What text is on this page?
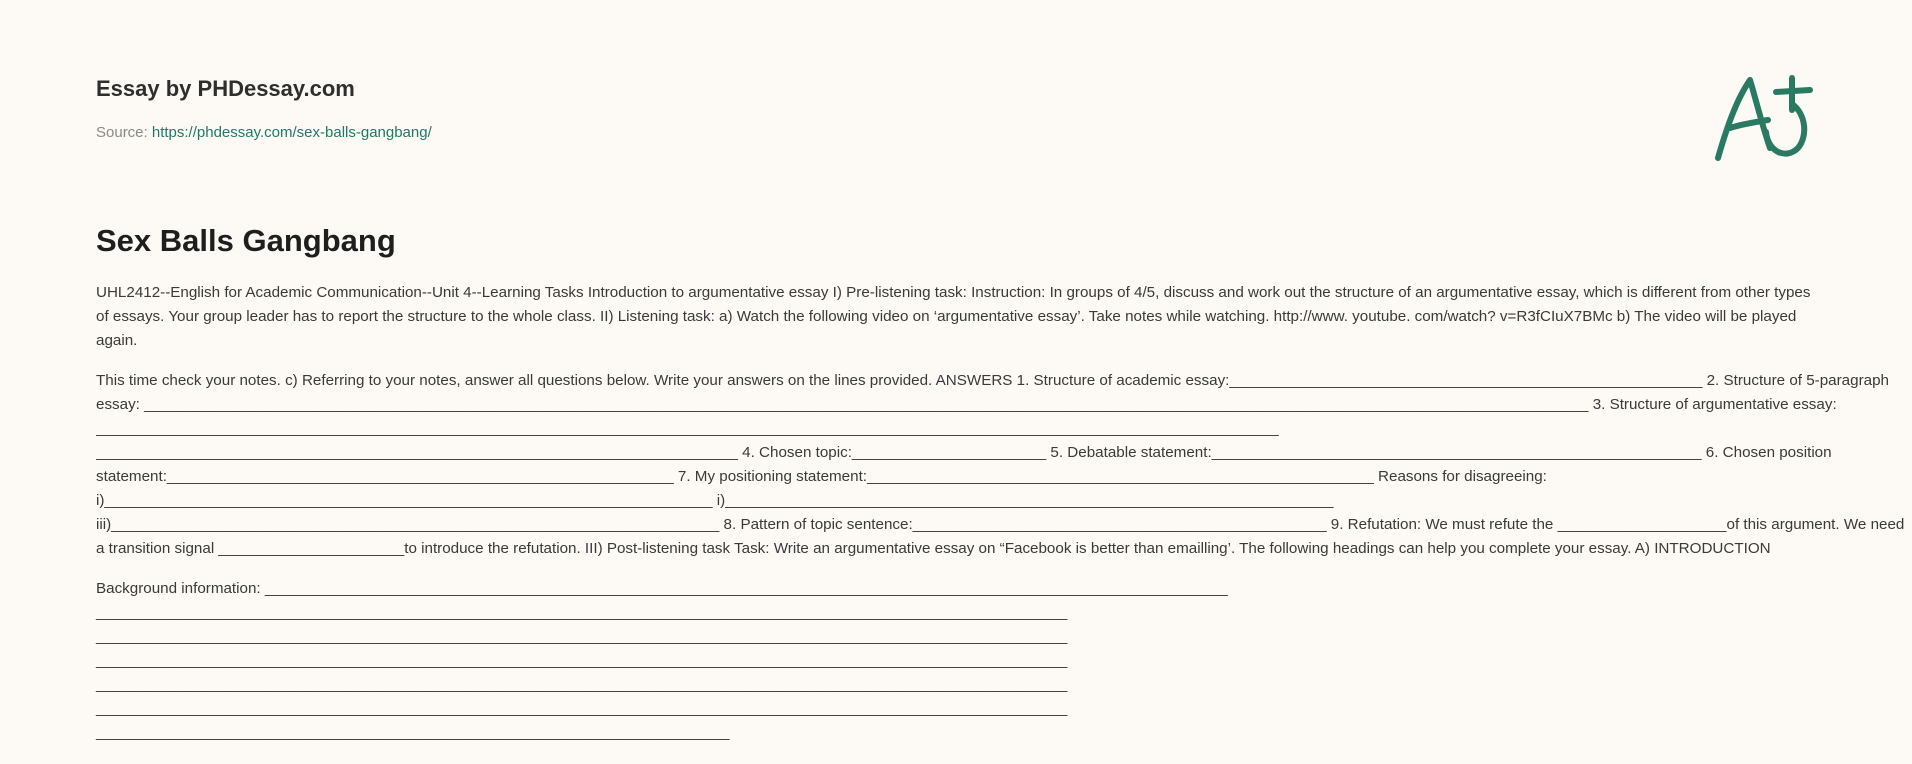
Essay by PHDessay.com
Source: https://phdessay.com/sex-balls-gangbang/
Sex Balls Gangbang

UHL2412--English for Academic Communication--Unit 4--Learning Tasks Introduction to argumentative essay I) Pre-listening task: Instruction: In groups of 4/5, discuss and work out the structure of an argumentative essay, which is different from other types of essays. Your group leader has to report the structure to the whole class. II) Listening task: a) Watch the following video on ‘argumentative essay’. Take notes while watching. http://www. youtube. com/watch? v=R3fCIuX7BMc b) The video will be played again.

This time check your notes. c) Referring to your notes, answer all questions below. Write your answers on the lines provided. ANSWERS 1. Structure of academic essay:________________________________________________________ 2. Structure of 5-paragraph essay: ___________________________________________________________________________________________________________________________________________________________________________ 3. Structure of argumentative essay: ____________________________________________________________________________________________________________________________________________ ____________________________________________________________________________ 4. Chosen topic:_______________________ 5. Debatable statement:__________________________________________________________ 6. Chosen position statement:____________________________________________________________ 7. My positioning statement:____________________________________________________________ Reasons for disagreeing: i)________________________________________________________________________ i)________________________________________________________________________ iii)________________________________________________________________________ 8. Pattern of topic sentence:_________________________________________________ 9. Refutation: We must refute the ____________________of this argument. We need a transition signal ______________________to introduce the refutation. III) Post-listening task Task: Write an argumentative essay on “Facebook is better than emailling’. The following headings can help you complete your essay. A) INTRODUCTION

Background information: __________________________________________________________________________________________________________________ ___________________________________________________________________________________________________________________ ___________________________________________________________________________________________________________________ ___________________________________________________________________________________________________________________ ___________________________________________________________________________________________________________________ ___________________________________________________________________________________________________________________ ___________________________________________________________________________
